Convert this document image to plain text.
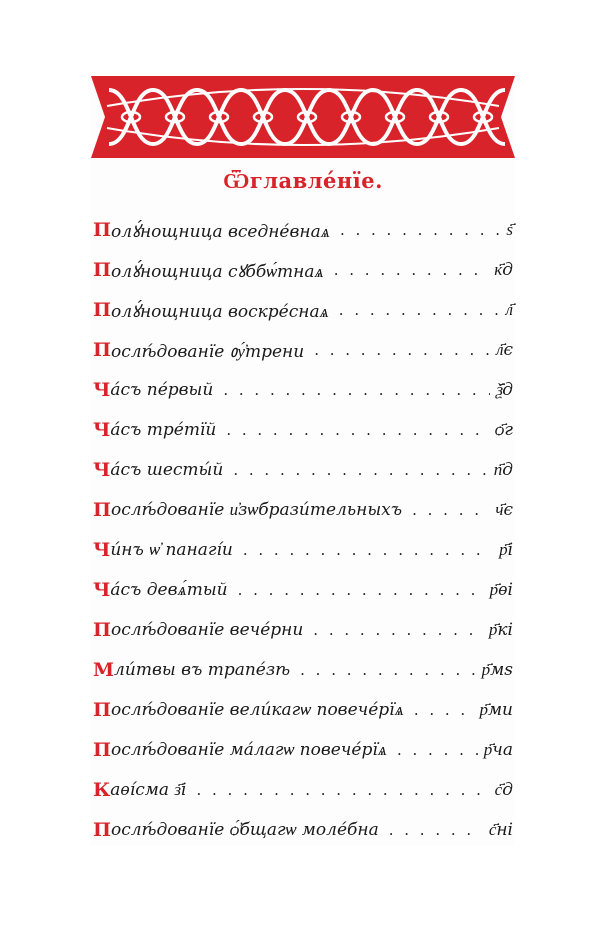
Ѿглавле́нїе.
П олꙋ́нощница вседне́внаѧ . . .	ѕ҃
П олꙋ́нощница сꙋббѡ́тнаѧ . . .	к҃д
П олꙋ́нощница воскре́снаѧ . . .	л҃
П ослѣ́дованїе ᲂу҆́трени . . .	л҃є
Ч а́съ пе́рвый . . .	ѯ҃д
Ч а́съ тре́тїй . . .	ѻ҃г
Ч а́съ шесты́й . . .	п҃д
П ослѣ́дованїе и҆зѡбрази́тельныхъ . . .	ч҃є
Ч и́нъ ѡ҆ панагі́и . . .	р҃і
Ч а́съ девѧ́тый . . .	р҃ѳі
П ослѣ́дованїе вече́рни . . .	р҃кі
М ли́твы въ трапе́зѣ . . .	р҃мѕ
П ослѣ́дованїе вели́кагѡ повече́рїѧ . . .	р҃ми
П ослѣ́дованїе ма́лагѡ повече́рїѧ . . .	р҃ча
К аѳі́сма з҃і . . .	с҃д
П ослѣ́дованїе ѻ҆́бщагѡ моле́бна . . .	с҃ні
